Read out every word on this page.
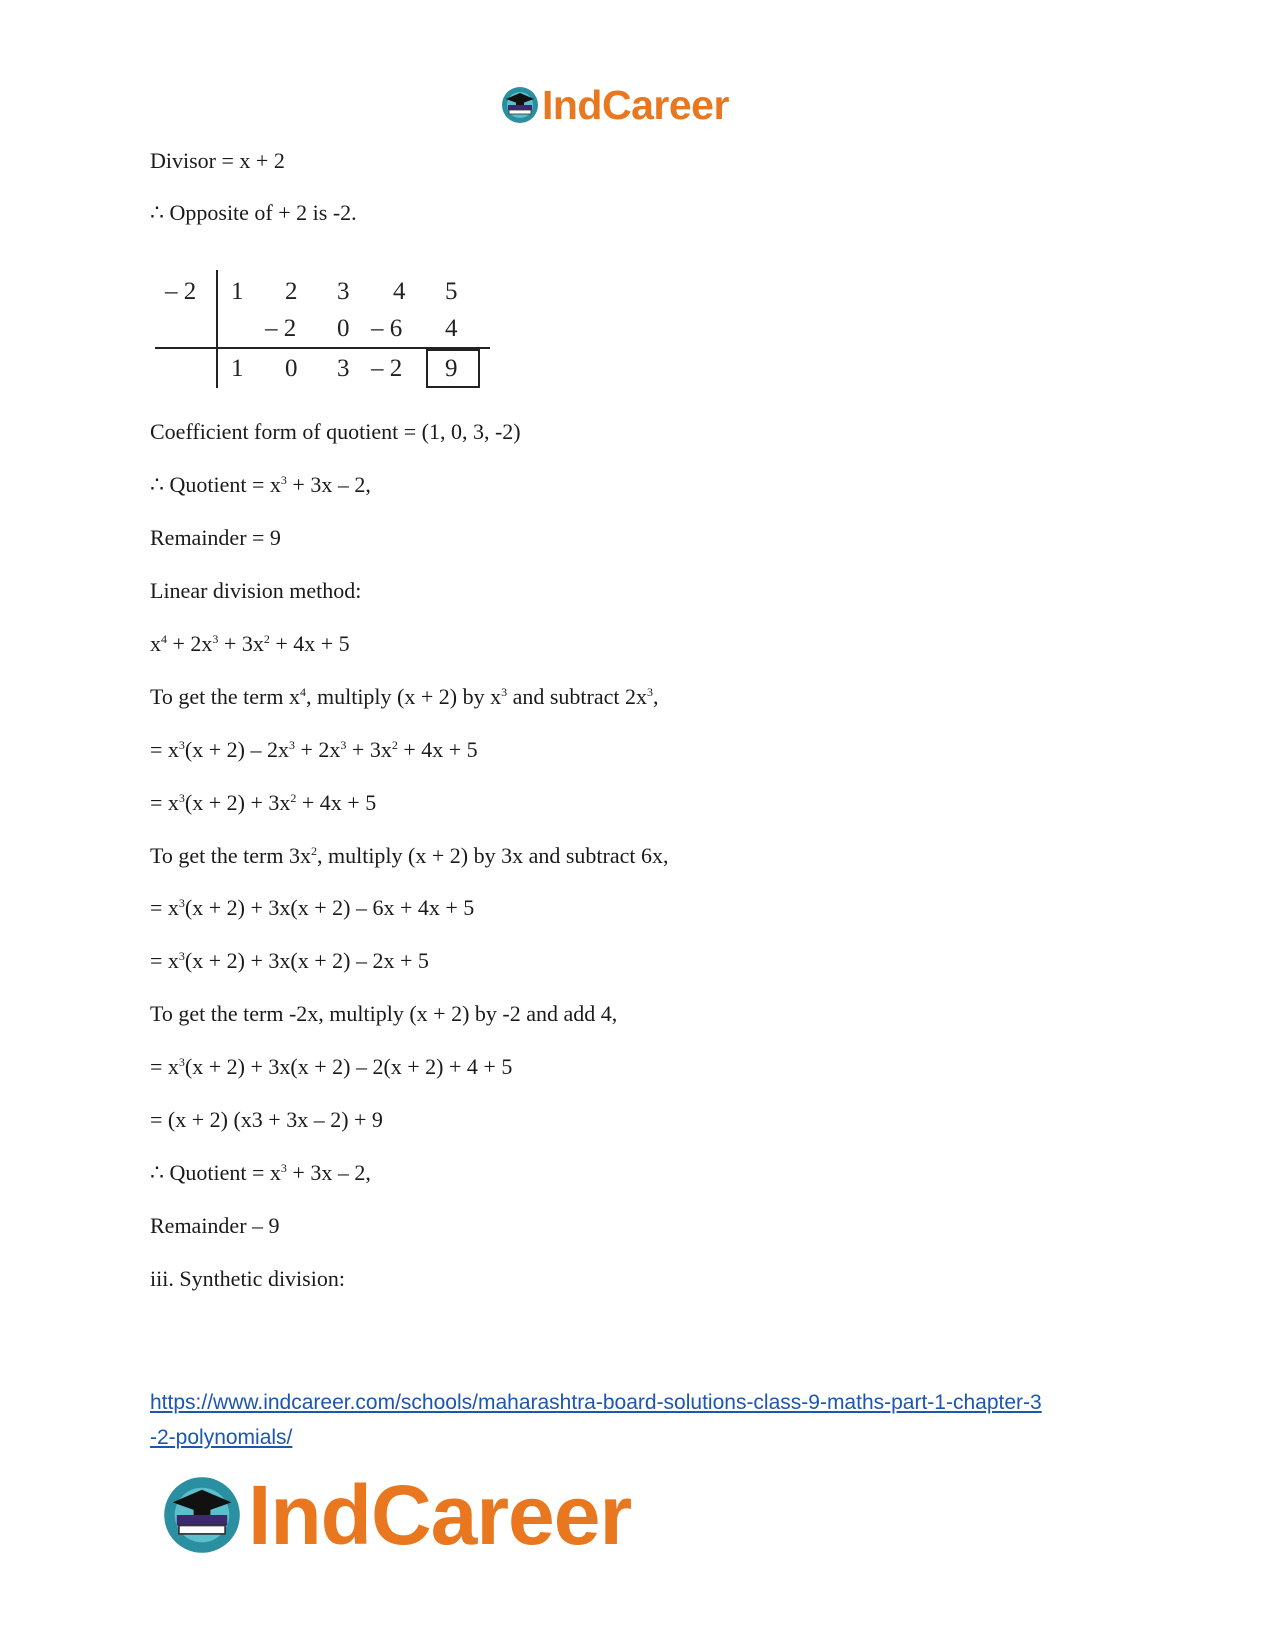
IndCareer
Divisor = x + 2
∴ Opposite of + 2 is -2.
Coefficient form of quotient = (1, 0, 3, -2)
∴ Quotient = $x^3 + 3x - 2$,
Remainder = 9
Linear division method:
$x^4 + 2x^3 + 3x^2 + 4x + 5$
To get the term $x^4$, multiply (x + 2) by $x^3$ and subtract $2x^3$,
= $x^3(x + 2) - 2x^3 + 2x^3 + 3x^2 + 4x + 5$
= $x^3(x + 2) + 3x^2 + 4x + 5$
To get the term $3x^2$, multiply (x + 2) by 3x and subtract 6x,
= $x^3(x + 2) + 3x(x + 2) - 6x + 4x + 5$
= $x^3(x + 2) + 3x(x + 2) - 2x + 5$
To get the term -2x, multiply (x + 2) by -2 and add 4,
= $x^3(x + 2) + 3x(x + 2) - 2(x + 2) + 4 + 5$
= (x + 2) (x3 + 3x – 2) + 9
∴ Quotient = $x^3 + 3x - 2$,
Remainder – 9
iii. Synthetic division:
– 2 1 2 3 4 5
– 2 0 – 6 4
1 0 3 – 2 9
https://www.indcareer.com/schools/maharashtra-board-solutions-class-9-maths-part-1-chapter-3
-2-polynomials/
IndCareer
